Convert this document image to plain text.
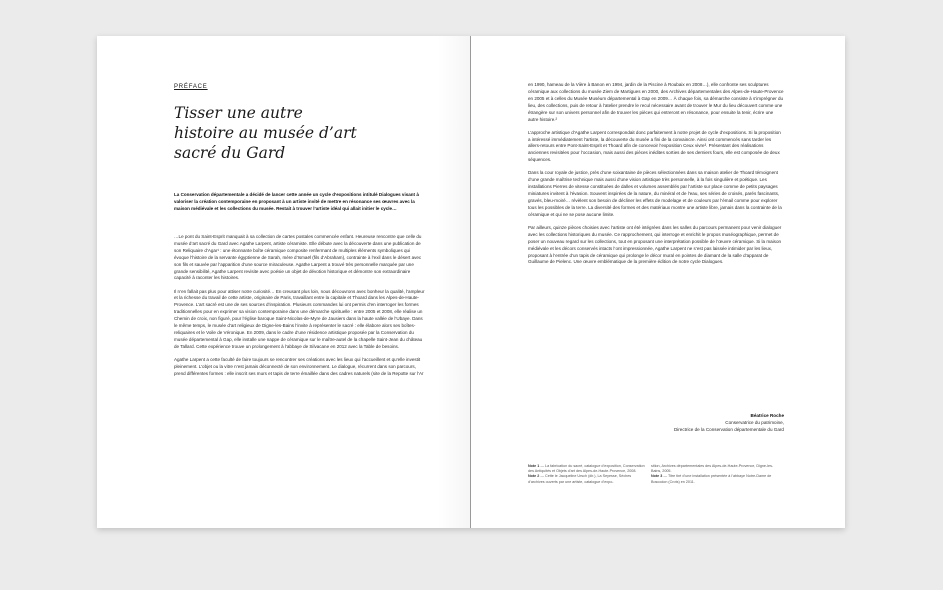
PRÉFACE
Tisser une autre
histoire au musée d’art
sacré du Gard
La Conservation départementale a décidé de lancer cette année un cycle d’expositions intitulé Dialogues visant à valoriser la création contemporaine en proposant à un artiste invité de mettre en résonance ses œuvres avec la maison médiévale et les collections du musée. Restait à trouver l’artiste idéal qui allait initier le cycle…

…Le pont du Saint-Esprit manquait à sa collection de cartes postales commencée enfant. Heureuse rencontre que celle du musée d’art sacré du Gard avec Agathe Larpent, artiste céramiste. Elle débute avec la découverte dans une publication de son Reliquaire d’Agar¹ : une étonnante boîte céramique composite renfermant de multiples éléments symboliques qui évoque l’histoire de la servante égyptienne de Sarah, mère d’Ismaël (fils d’Abraham), contrainte à l’exil dans le désert avec son fils et sauvée par l’apparition d’une source miraculeuse. Agathe Larpent a trouvé très personnelle marquée par une grande sensibilité, Agathe Larpent revisite avec poésie un objet de dévotion historique et démontre son extraordinaire capacité à raconter les histoires.

Il n’en fallait pas plus pour attiser notre curiosité… En creusant plus loin, nous découvrons avec bonheur la qualité, l’ampleur et la richesse du travail de cette artiste, originaire de Paris, travaillant entre la capitale et Thoard dans les Alpes-de-Haute-Provence. L’art sacré est une de ses sources d’inspiration. Plusieurs commandes lui ont permis d’en interroger les formes traditionnelles pour en exprimer sa vision contemporaine dans une démarche spirituelle : entre 2005 et 2008, elle réalise un Chemin de croix, non figuré, pour l’église baroque Saint-Nicolas-de-Myre de Jausiers dans la haute vallée de l’Ubaye. Dans le même temps, le musée d’art religieux de Digne-les-Bains l’invite à représenter le sacré : elle élabore alors ses boîtes-reliquaires et le Voile de Véronique. En 2009, dans le cadre d’une résidence artistique proposée par la Conservation du musée départemental à Gap, elle installe une nappe de céramique sur le maître-autel de la chapelle Saint-Jean du château de Tallard. Cette expérience trouve un prolongement à l’abbaye de Silvacane en 2012 avec la Table de besoins.

Agathe Larpent a cette faculté de faire toujours se rencontrer ses créations avec les lieux qui l’accueillent et qu’elle investit pleinement. L’objet ou la vitre n’est jamais déconnecté de son environnement. Le dialogue, récurrent dans son parcours, prend différentes formes : elle inscrit ses murs et tapis de terre émaillée dans des cadres naturels (site de la Repotte sur l’Aï

en 1990, hameau de la Vière à Banon en 1994, jardin de la Piscine à Roubaix en 2008…), elle confronte ses sculptures céramique aux collections du musée Ziem de Martigues en 2000, des Archives départementales des Alpes-de-Haute-Provence en 2005 et à celles du Musée Muséum départemental à Gap en 2009… À chaque fois, sa démarche consiste à s’imprégner du lieu, des collections, puis de retour à l’atelier prendre le recul nécessaire avant de trouver le Mur du lieu découvert comme une étrangère sur son univers personnel afin de trouver les pièces qui entreront en résonance, pour ensuite la tenir, écrire une autre histoire.²

L’approche artistique d’Agathe Larpent correspondait donc parfaitement à notre projet de cycle d’expositions. Si la proposition a intéressé immédiatement l’artiste, la découverte du musée a fini de la convaincre. Ainsi ont commencés sans tarder les allers-retours entre Pont-Saint-Esprit et Thoard afin de concevoir l’exposition Ceux vivre³. Présentant des réalisations anciennes revisitées pour l’occasion, mais aussi des pièces inédites sorties de ses derniers fours, elle est composée de deux séquences.

Dans la cour royale de justice, près d’une soixantaine de pièces sélectionnées dans sa maison atelier de Thoard témoignent d’une grande maîtrise technique mais aussi d’une vision artistique très personnelle, à la fois singulière et poétique. Les installations Pierres de vitesse constituées de dalles et volumes assemblés par l’artiste sur place comme de petits paysages miniatures invitent à l’évasion. Souvent inspirées de la nature, du minéral et de l’eau, ses séries de croisés, parés fascinants, gravés, bleu-moiré… révèlent son besoin de décliner les effets de modelage et de couleurs par l’émail comme pour explorer tous les possibles de la terre. La diversité des formes et des matériaux montre une artiste libre, jamais dans la contrainte de la céramique et qui ne se pose aucune limite.

Par ailleurs, quinze pièces choisies avec l’artiste ont été intégrées dans les salles du parcours permanent pour venir dialoguer avec les collections historiques du musée. Ce rapprochement, qui interroge et enrichit le propos muséographique, permet de poser un nouveau regard sur les collections, tout en proposant une interprétation possible de l’œuvre céramique. Si la maison médiévale et les décors conservés intacts l’ont impressionnée, Agathe Larpent ne s’est pas laissée intimider par les lieux, proposant à l’entrée d’un tapis de céramique qui prolonge le décor mural en pointes de diamant de la salle d’apparat de Guillaume de Pielenc. Une œuvre emblématique de la première édition de notre cycle Dialogues.

Béatrice Roche
Conservatrice du patrimoine,
Directrice de la Conservation départementale du Gard
Note 1 — La fabrication du sacré, catalogue d’exposition, Conservation des Antiquités et Objets d’art des Alpes-de-Haute-Provence, 2008.
Note 2 — Cette le Jacqueline Ursch (dir.), La Seyesse, Sèches d’archives ouverts par une artiste, catalogue d’expo-
sition, Archives départementales des Alpes-de-Haute-Provence, Digne-les-Bains, 2005.
Note 3 — Titre tiré d’une installation présentée à l’abbaye Notre-Dame de Boscodon (Crots) en 2011.
